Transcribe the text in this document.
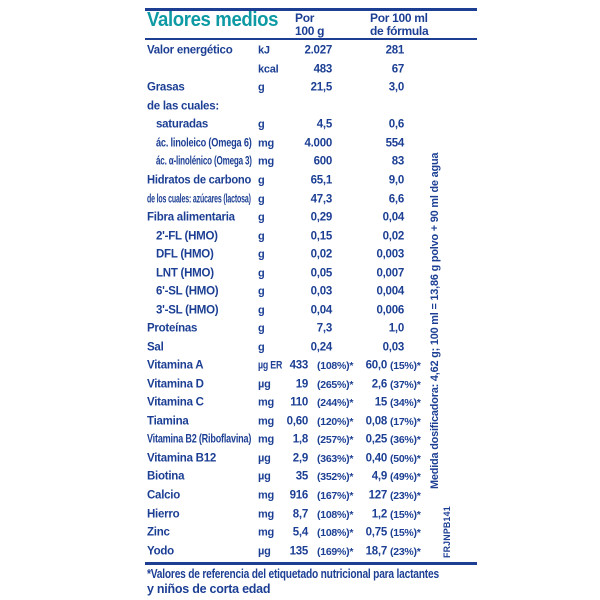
Valores medios	Por
100 g
Por 100 ml
de fórmula
Valor energético kJ	2.027	281
kcal	483	67
Grasas	g	21,5	3,0
de las cuales:
saturadas	g	4,5	0,6
ác. linoleico (Omega 6) mg	4.000	554
ác. α-linolénico (Omega 3) mg	600	83
Hidratos de carbono g	65,1	9,0
de los cuales: azúcares (lactosa) g	47,3	6,6
Fibra alimentaria g	0,29	0,04
2'-FL (HMO)	g	0,15	0,02
DFL (HMO)	g	0,02	0,003
LNT (HMO)	g	0,05	0,007
6'-SL (HMO)	g	0,03	0,004
3'-SL (HMO)	g	0,04	0,006
Proteínas	g	7,3	1,0
Sal	g	0,24	0,03
Vitamina A	µg ER 433 (108%)*	60,0 (15%)*
Vitamina D	µg	19 (265%)*	2,6 (37%)*
Vitamina C	mg	110 (244%)*	15 (34%)*
Tiamina	mg	0,60 (120%)*	0,08 (17%)*
Vitamina B2 (Riboflavina) mg	1,8 (257%)*	0,25 (36%)*
Vitamina B12	µg	2,9 (363%)*	0,40 (50%)*
Biotina	µg	35 (352%)*	4,9 (49%)*
Calcio	mg	916 (167%)*	127 (23%)*
Hierro	mg	8,7 (108%)*	1,2 (15%)*
Zinc	mg	5,4 (108%)*	0,75 (15%)*
Yodo	µg	135 (169%)*	18,7 (23%)*
*Valores de referencia del etiquetado nutricional para lactantes
y niños de corta edad
Medida dosificadora: 4,62 g; 100 ml = 13,86 g polvo + 90 ml de agua
FRJNPB141
